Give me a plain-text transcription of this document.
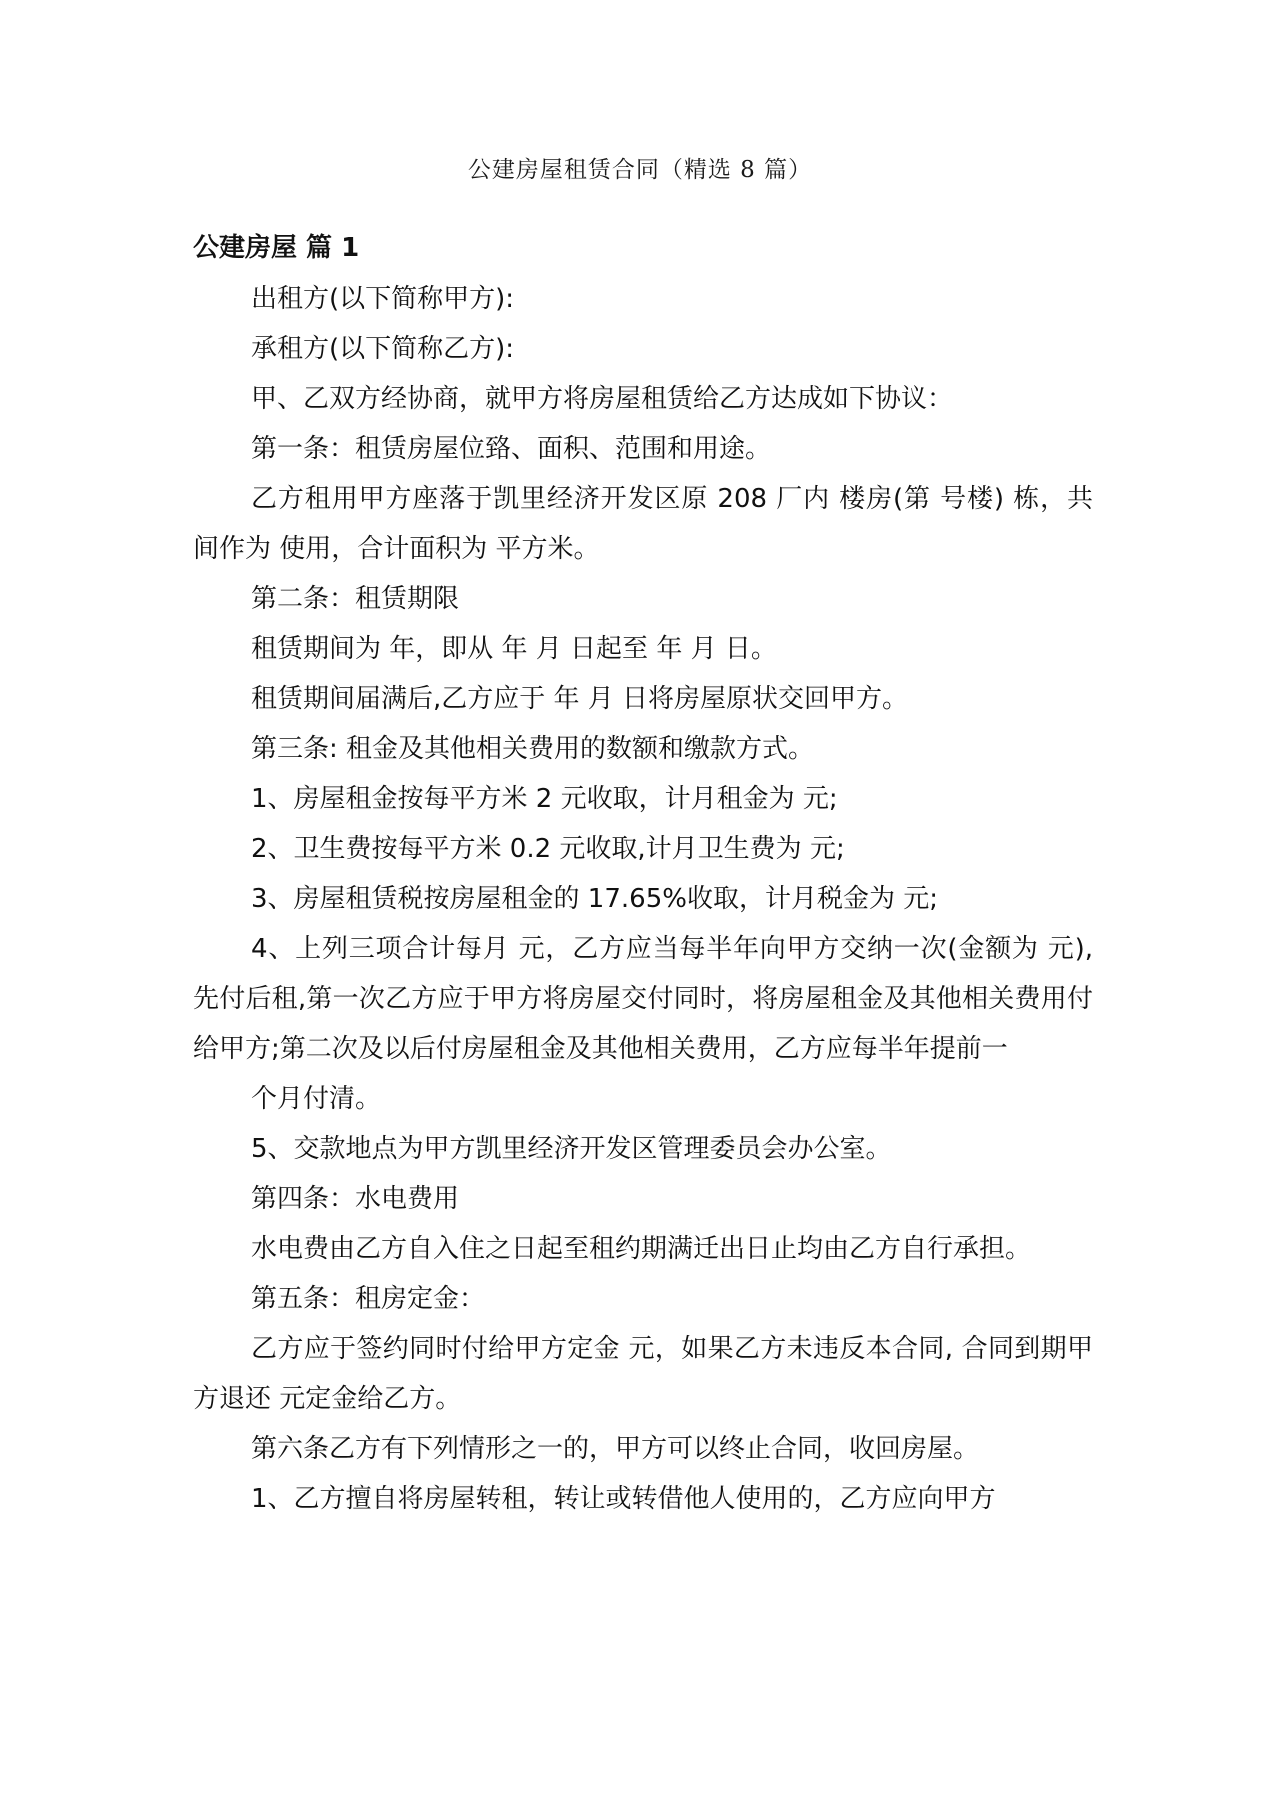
公建房屋租赁合同（精选 8 篇）
公建房屋 篇 1

出租方(以下简称甲方):

承租方(以下简称乙方):

甲、乙双方经协商，就甲方将房屋租赁给乙方达成如下协议：

第一条：租赁房屋位臵、面积、范围和用途。

乙方租用甲方座落于凯里经济开发区原 208 厂内 楼房(第 号楼) 栋，共 间作为 使用，合计面积为 平方米。

第二条：租赁期限

租赁期间为 年，即从 年 月 日起至 年 月 日。

租赁期间届满后,乙方应于 年 月 日将房屋原状交回甲方。

第三条: 租金及其他相关费用的数额和缴款方式。

1、房屋租金按每平方米 2 元收取，计月租金为 元;

2、卫生费按每平方米 0.2 元收取,计月卫生费为 元;

3、房屋租赁税按房屋租金的 17.65%收取，计月税金为 元;

4、上列三项合计每月 元，乙方应当每半年向甲方交纳一次(金额为 元), 先付后租,第一次乙方应于甲方将房屋交付同时，将房屋租金及其他相关费用付给甲方;第二次及以后付房屋租金及其他相关费用，乙方应每半年提前一

个月付清。

5、交款地点为甲方凯里经济开发区管理委员会办公室。

第四条：水电费用

水电费由乙方自入住之日起至租约期满迁出日止均由乙方自行承担。

第五条：租房定金：

乙方应于签约同时付给甲方定金 元，如果乙方未违反本合同, 合同到期甲方退还 元定金给乙方。

第六条乙方有下列情形之一的，甲方可以终止合同，收回房屋。

1、乙方擅自将房屋转租，转让或转借他人使用的，乙方应向甲方
